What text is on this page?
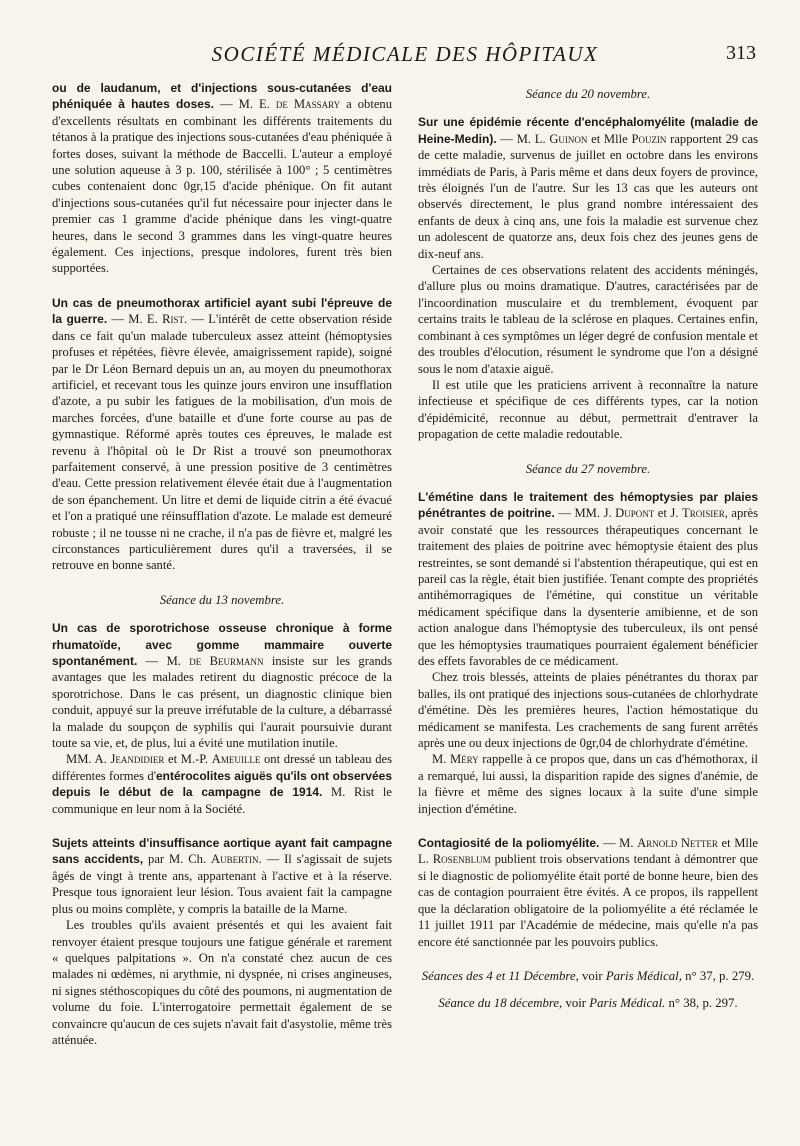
SOCIÉTÉ MÉDICALE DES HÔPITAUX	313

ou de laudanum, et d'injections sous-cutanées d'eau phéniquée à hautes doses. — M. E. de Massary a obtenu d'excellents résultats en combinant les différents traitements du tétanos à la pratique des injections sous-cutanées d'eau phéniquée à fortes doses, suivant la méthode de Baccelli. L'auteur a employé une solution aqueuse à 3 p. 100, stérilisée à 100° ; 5 centimètres cubes contenaient donc 0gr,15 d'acide phénique. On fit autant d'injections sous-cutanées qu'il fut nécessaire pour injecter dans le premier cas 1 gramme d'acide phénique dans les vingt-quatre heures, dans le second 3 grammes dans les vingt-quatre heures également. Ces injections, presque indolores, furent très bien supportées.

Un cas de pneumothorax artificiel ayant subi l'épreuve de la guerre. — M. E. Rist. — L'intérêt de cette observation réside dans ce fait qu'un malade tuberculeux assez atteint (hémoptysies profuses et répétées, fièvre élevée, amaigrissement rapide), soigné par le Dr Léon Bernard depuis un an, au moyen du pneumothorax artificiel, et recevant tous les quinze jours environ une insufflation d'azote, a pu subir les fatigues de la mobilisation, d'un mois de marches forcées, d'une bataille et d'une forte course au pas de gymnastique. Réformé après toutes ces épreuves, le malade est revenu à l'hôpital où le Dr Rist a trouvé son pneumothorax parfaitement conservé, à une pression positive de 3 centimètres d'eau. Cette pression relativement élevée était due à l'augmentation de son épanchement. Un litre et demi de liquide citrin a été évacué et l'on a pratiqué une réinsufflation d'azote. Le malade est demeuré robuste ; il ne tousse ni ne crache, il n'a pas de fièvre et, malgré les circonstances particulièrement dures qu'il a traversées, il se retrouve en bonne santé.

Séance du 13 novembre.

Un cas de sporotrichose osseuse chronique à forme rhumatoïde, avec gomme mammaire ouverte spontanément. — M. de Beurmann insiste sur les grands avantages que les malades retirent du diagnostic précoce de la sporotrichose. Dans le cas présent, un diagnostic clinique bien conduit, appuyé sur la preuve irréfutable de la culture, a débarrassé la malade du soupçon de syphilis qui l'aurait poursuivie durant toute sa vie, et, de plus, lui a évité une mutilation inutile.

MM. A. Jeandidier et M.-P. Ameuille ont dressé un tableau des différentes formes d'entérocolites aiguës qu'ils ont observées depuis le début de la campagne de 1914. M. Rist le communique en leur nom à la Société.

Sujets atteints d'insuffisance aortique ayant fait campagne sans accidents, par M. Ch. Aubertin. — Il s'agissait de sujets âgés de vingt à trente ans, appartenant à l'active et à la réserve. Presque tous ignoraient leur lésion. Tous avaient fait la campagne plus ou moins complète, y compris la bataille de la Marne.

Les troubles qu'ils avaient présentés et qui les avaient fait renvoyer étaient presque toujours une fatigue générale et rarement « quelques palpitations ». On n'a constaté chez aucun de ces malades ni œdèmes, ni arythmie, ni dyspnée, ni crises angineuses, ni signes stéthoscopiques du côté des poumons, ni augmentation de volume du foie. L'interrogatoire permettait également de se convaincre qu'aucun de ces sujets n'avait fait d'asystolie, même très atténuée.

Séance du 20 novembre.

Sur une épidémie récente d'encéphalomyélite (maladie de Heine-Medin). — M. L. Guinon et Mlle Pouzin rapportent 29 cas de cette maladie, survenus de juillet en octobre dans les environs immédiats de Paris, à Paris même et dans deux foyers de province, très éloignés l'un de l'autre. Sur les 13 cas que les auteurs ont observés directement, le plus grand nombre intéressaient des enfants de deux à cinq ans, une fois la maladie est survenue chez un adolescent de quatorze ans, deux fois chez des jeunes gens de dix-neuf ans.

Certaines de ces observations relatent des accidents méningés, d'allure plus ou moins dramatique. D'autres, caractérisées par de l'incoordination musculaire et du tremblement, évoquent par certains traits le tableau de la sclérose en plaques. Certaines enfin, combinant à ces symptômes un léger degré de confusion mentale et des troubles d'élocution, résument le syndrome que l'on a désigné sous le nom d'ataxie aiguë.

Il est utile que les praticiens arrivent à reconnaître la nature infectieuse et spécifique de ces différents types, car la notion d'épidémicité, reconnue au début, permettrait d'entraver la propagation de cette maladie redoutable.

Séance du 27 novembre.

L'émétine dans le traitement des hémoptysies par plaies pénétrantes de poitrine. — MM. J. Dupont et J. Troisier, après avoir constaté que les ressources thérapeutiques concernant le traitement des plaies de poitrine avec hémoptysie étaient des plus restreintes, se sont demandé si l'abstention thérapeutique, qui est en pareil cas la règle, était bien justifiée. Tenant compte des propriétés antihémorragiques de l'émétine, qui constitue un véritable médicament spécifique dans la dysenterie amibienne, et de son action analogue dans l'hémoptysie des tuberculeux, ils ont pensé que les hémoptysies traumatiques pourraient également bénéficier des effets favorables de ce médicament.

Chez trois blessés, atteints de plaies pénétrantes du thorax par balles, ils ont pratiqué des injections sous-cutanées de chlorhydrate d'émétine. Dès les premières heures, l'action hémostatique du médicament se manifesta. Les crachements de sang furent arrêtés après une ou deux injections de 0gr,04 de chlorhydrate d'émétine.

M. Méry rappelle à ce propos que, dans un cas d'hémothorax, il a remarqué, lui aussi, la disparition rapide des signes d'anémie, de la fièvre et même des signes locaux à la suite d'une simple injection d'émétine.

Contagiosité de la poliomyélite. — M. Arnold Netter et Mlle L. Rosenblum publient trois observations tendant à démontrer que si le diagnostic de poliomyélite était porté de bonne heure, bien des cas de contagion pourraient être évités. A ce propos, ils rappellent que la déclaration obligatoire de la poliomyélite a été réclamée le 11 juillet 1911 par l'Académie de médecine, mais qu'elle n'a pas encore été sanctionnée par les pouvoirs publics.

Séances des 4 et 11 Décembre, voir Paris Médical, n° 37, p. 279.

Séance du 18 décembre, voir Paris Médical. n° 38, p. 297.
